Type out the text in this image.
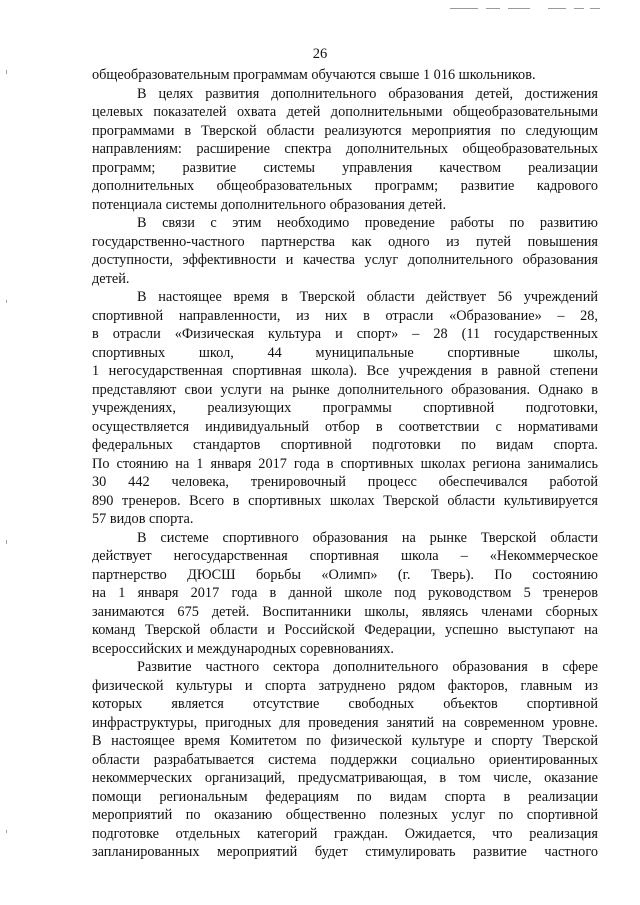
26

общеобразовательным программам обучаются свыше 1 016 школьников.

В целях развития дополнительного образования детей, достижения
целевых показателей охвата детей дополнительными общеобразовательными
программами в Тверской области реализуются мероприятия по следующим
направлениям: расширение спектра дополнительных общеобразовательных
программ; развитие системы управления качеством реализации
дополнительных общеобразовательных программ; развитие кадрового
потенциала системы дополнительного образования детей.

В связи с этим необходимо проведение работы по развитию
государственно-частного партнерства как одного из путей повышения
доступности, эффективности и качества услуг дополнительного образования
детей.

В настоящее время в Тверской области действует 56 учреждений
спортивной направленности, из них в отрасли «Образование» – 28,
в отрасли «Физическая культура и спорт» – 28 (11 государственных
спортивных школ, 44 муниципальные спортивные школы,
1 негосударственная спортивная школа). Все учреждения в равной степени
представляют свои услуги на рынке дополнительного образования. Однако в
учреждениях, реализующих программы спортивной подготовки,
осуществляется индивидуальный отбор в соответствии с нормативами
федеральных стандартов спортивной подготовки по видам спорта.
По стоянию на 1 января 2017 года в спортивных школах региона занимались
30 442 человека, тренировочный процесс обеспечивался работой
890 тренеров. Всего в спортивных школах Тверской области культивируется
57 видов спорта.

В системе спортивного образования на рынке Тверской области
действует негосударственная спортивная школа – «Некоммерческое
партнерство ДЮСШ борьбы «Олимп» (г. Тверь). По состоянию
на 1 января 2017 года в данной школе под руководством 5 тренеров
занимаются 675 детей. Воспитанники школы, являясь членами сборных
команд Тверской области и Российской Федерации, успешно выступают на
всероссийских и международных соревнованиях.

Развитие частного сектора дополнительного образования в сфере
физической культуры и спорта затруднено рядом факторов, главным из
которых является отсутствие свободных объектов спортивной
инфраструктуры, пригодных для проведения занятий на современном уровне.
В настоящее время Комитетом по физической культуре и спорту Тверской
области разрабатывается система поддержки социально ориентированных
некоммерческих организаций, предусматривающая, в том числе, оказание
помощи региональным федерациям по видам спорта в реализации
мероприятий по оказанию общественно полезных услуг по спортивной
подготовке отдельных категорий граждан. Ожидается, что реализация
запланированных мероприятий будет стимулировать развитие частного
